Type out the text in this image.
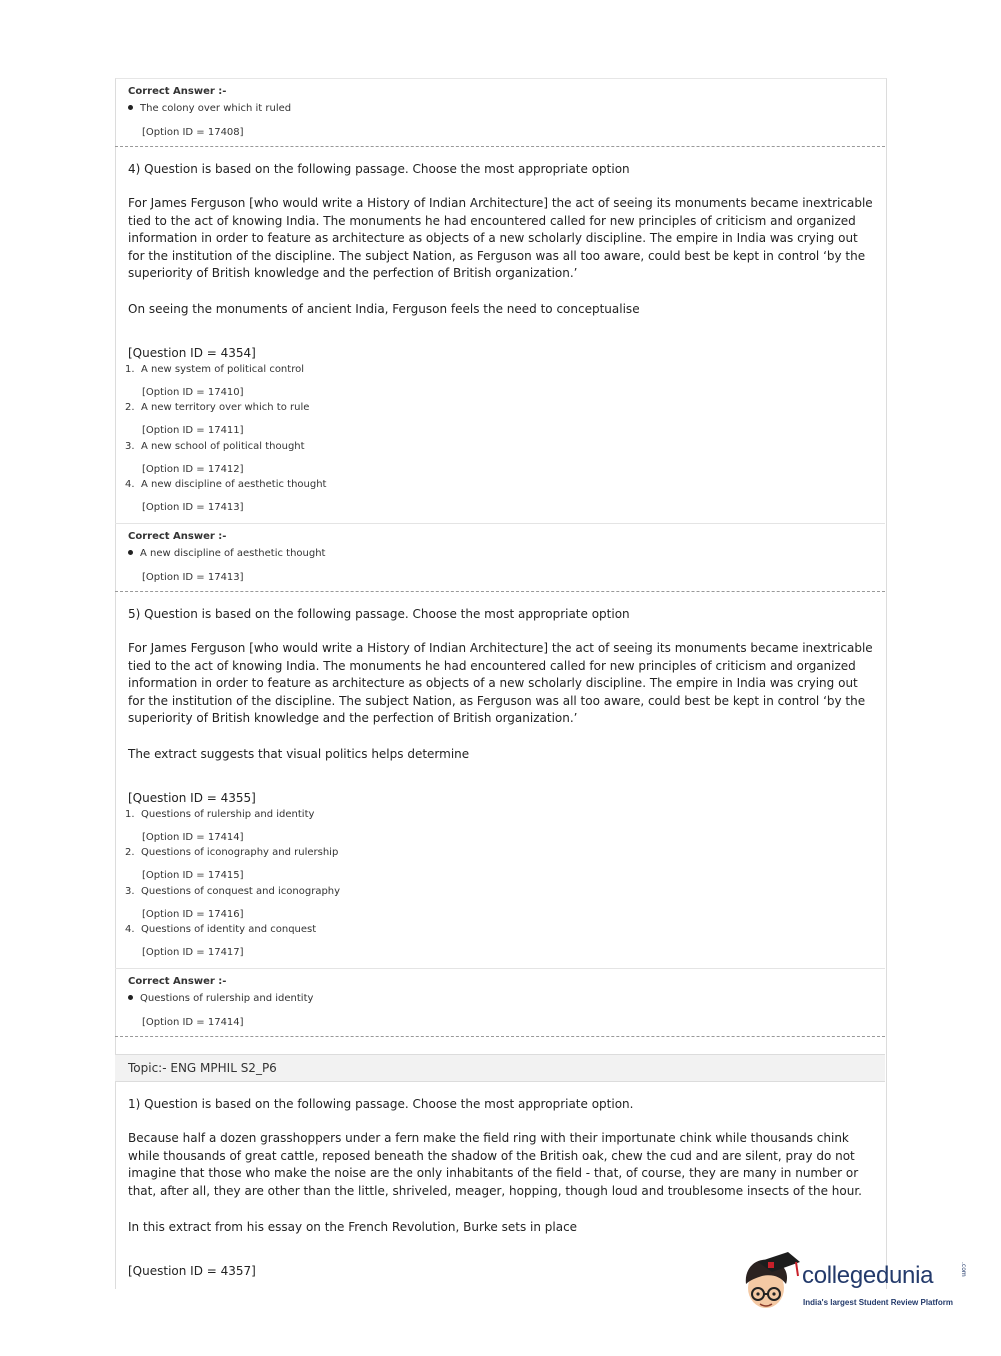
Correct Answer :-
The colony over which it ruled
[Option ID = 17408]
4) Question is based on the following passage. Choose the most appropriate option

For James Ferguson [who would write a History of Indian Architecture] the act of seeing its monuments became inextricable tied to the act of knowing India. The monuments he had encountered called for new principles of criticism and organized information in order to feature as architecture as objects of a new scholarly discipline. The empire in India was crying out for the institution of the discipline. The subject Nation, as Ferguson was all too aware, could best be kept in control ‘by the superiority of British knowledge and the perfection of British organization.’

On seeing the monuments of ancient India, Ferguson feels the need to conceptualise
[Question ID = 4354]
1. A new system of political control
[Option ID = 17410]
2. A new territory over which to rule
[Option ID = 17411]
3. A new school of political thought
[Option ID = 17412]
4. A new discipline of aesthetic thought
[Option ID = 17413]
Correct Answer :-
A new discipline of aesthetic thought
[Option ID = 17413]
5) Question is based on the following passage. Choose the most appropriate option

For James Ferguson [who would write a History of Indian Architecture] the act of seeing its monuments became inextricable tied to the act of knowing India. The monuments he had encountered called for new principles of criticism and organized information in order to feature as architecture as objects of a new scholarly discipline. The empire in India was crying out for the institution of the discipline. The subject Nation, as Ferguson was all too aware, could best be kept in control ‘by the superiority of British knowledge and the perfection of British organization.’

The extract suggests that visual politics helps determine
[Question ID = 4355]
1. Questions of rulership and identity
[Option ID = 17414]
2. Questions of iconography and rulership
[Option ID = 17415]
3. Questions of conquest and iconography
[Option ID = 17416]
4. Questions of identity and conquest
[Option ID = 17417]
Correct Answer :-
Questions of rulership and identity
[Option ID = 17414]
Topic:- ENG MPHIL S2_P6
1) Question is based on the following passage. Choose the most appropriate option.

Because half a dozen grasshoppers under a fern make the field ring with their importunate chink while thousands chink while thousands of great cattle, reposed beneath the shadow of the British oak, chew the cud and are silent, pray do not imagine that those who make the noise are the only inhabitants of the field - that, of course, they are many in number or that, after all, they are other than the little, shriveled, meager, hopping, though loud and troublesome insects of the hour.

In this extract from his essay on the French Revolution, Burke sets in place
[Question ID = 4357]	collegedunia	.com
India's largest Student Review Platform
